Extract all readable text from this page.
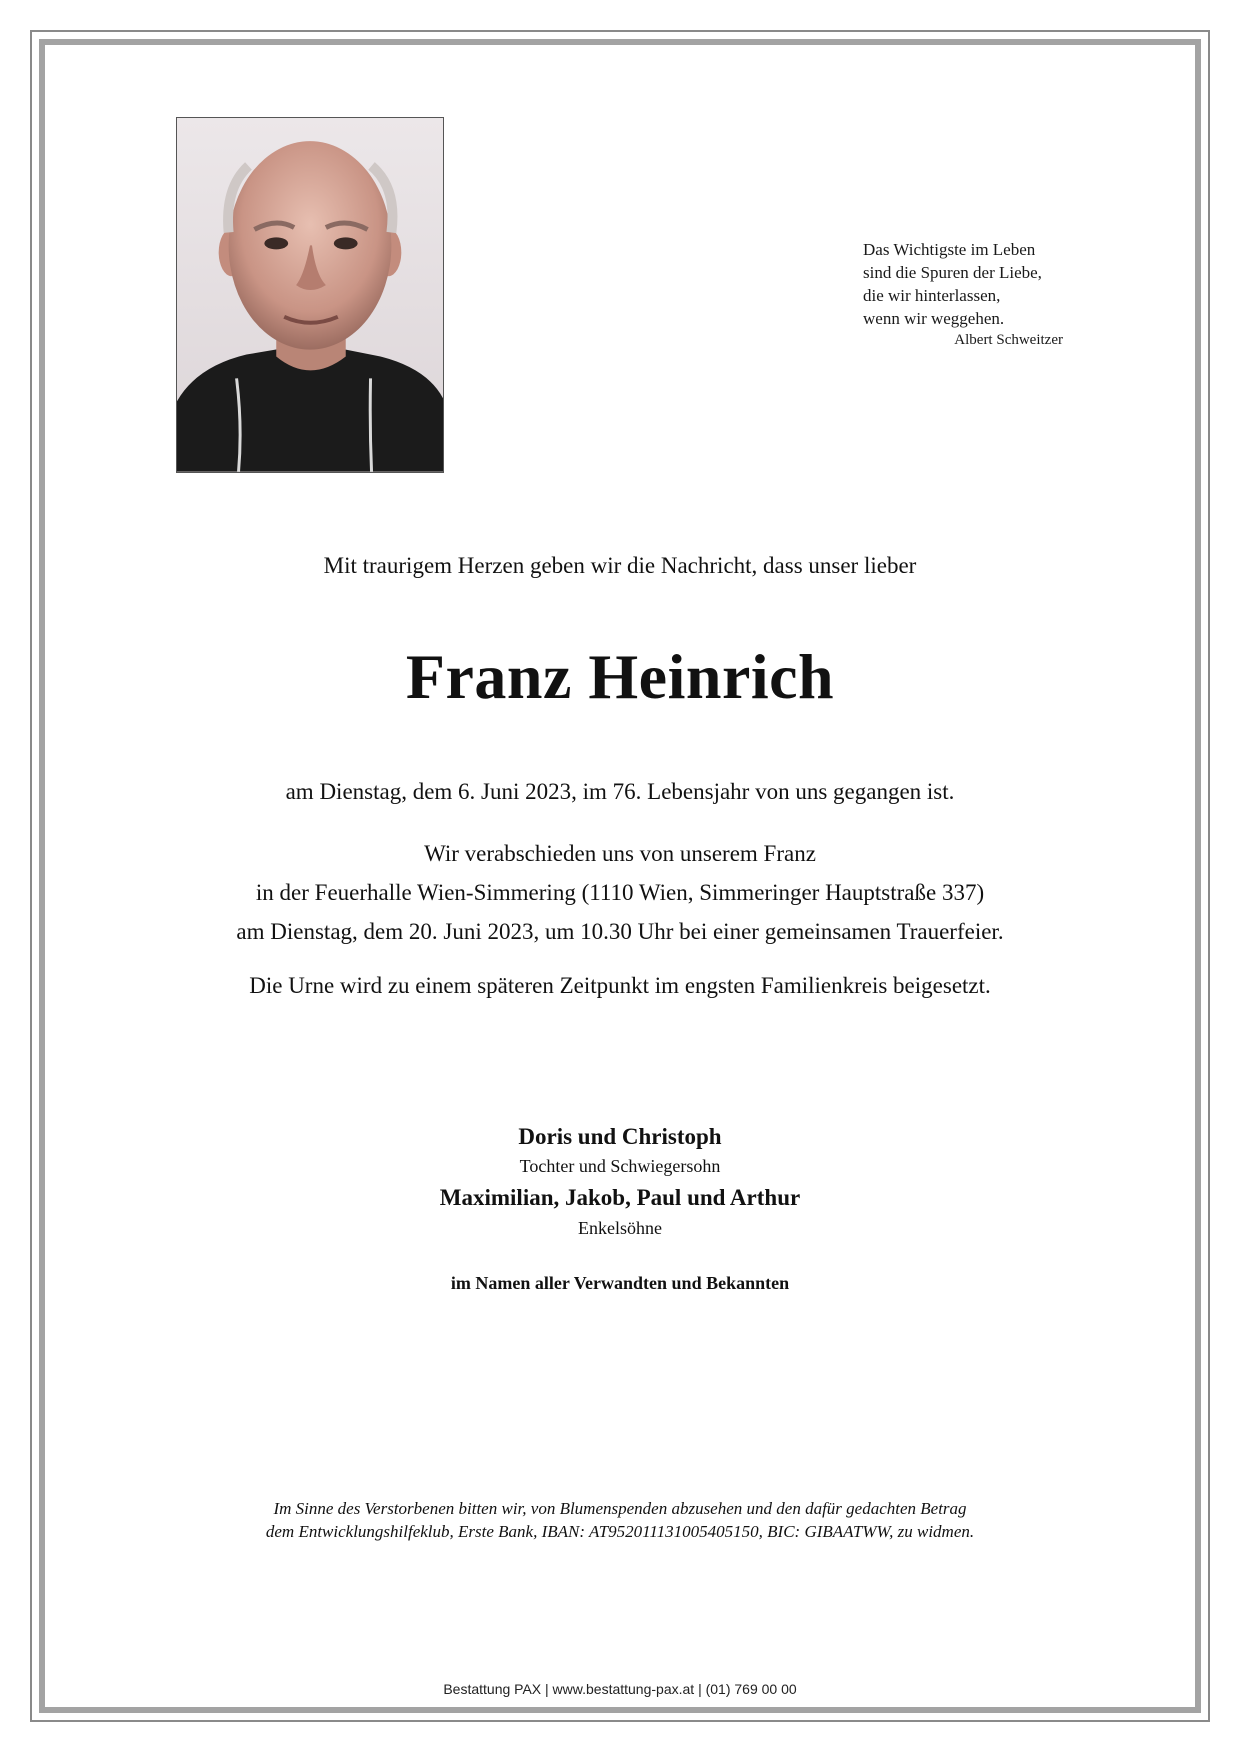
Das Wichtigste im Leben
sind die Spuren der Liebe,
die wir hinterlassen,
wenn wir weggehen.
Albert Schweitzer
Mit traurigem Herzen geben wir die Nachricht, dass unser lieber
Franz Heinrich
am Dienstag, dem 6. Juni 2023, im 76. Lebensjahr von uns gegangen ist.
Wir verabschieden uns von unserem Franz
in der Feuerhalle Wien-Simmering (1110 Wien, Simmeringer Hauptstraße 337)
am Dienstag, dem 20. Juni 2023, um 10.30 Uhr bei einer gemeinsamen Trauerfeier.
Die Urne wird zu einem späteren Zeitpunkt im engsten Familienkreis beigesetzt.
Doris und Christoph
Tochter und Schwiegersohn
Maximilian, Jakob, Paul und Arthur
Enkelsöhne
im Namen aller Verwandten und Bekannten
Im Sinne des Verstorbenen bitten wir, von Blumenspenden abzusehen und den dafür gedachten Betrag
dem Entwicklungshilfeklub, Erste Bank, IBAN: AT952011131005405150, BIC: GIBAATWW, zu widmen.
Bestattung PAX | www.bestattung-pax.at | (01) 769 00 00
